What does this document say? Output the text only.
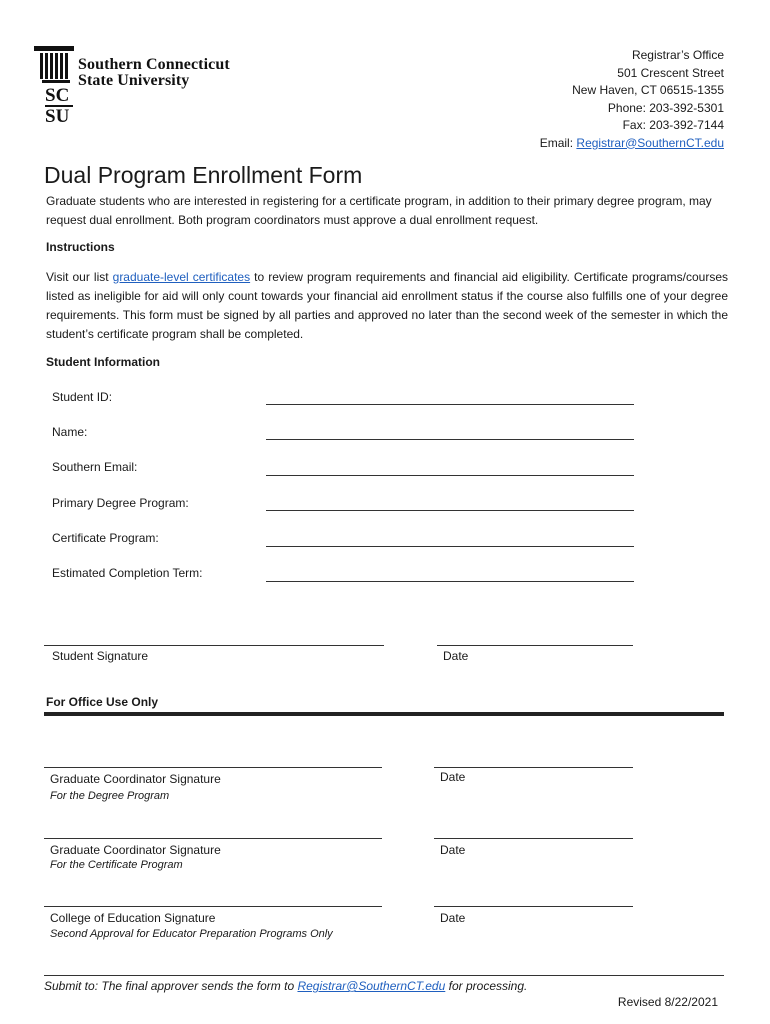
Southern Connecticut
State University
SC
SU
Registrar’s Office
501 Crescent Street
New Haven, CT 06515-1355
Phone: 203-392-5301
Fax: 203-392-7144
Email: Registrar@SouthernCT.edu
Dual Program Enrollment Form
Graduate students who are interested in registering for a certificate program, in addition to their primary degree program, may request dual enrollment. Both program coordinators must approve a dual enrollment request.
Instructions
Visit our list graduate-level certificates to review program requirements and financial aid eligibility. Certificate programs/courses listed as ineligible for aid will only count towards your financial aid enrollment status if the course also fulfills one of your degree requirements. This form must be signed by all parties and approved no later than the second week of the semester in which the student’s certificate program shall be completed.
Student Information
Student ID:
Name:
Southern Email:
Primary Degree Program:
Certificate Program:
Estimated Completion Term:
Student Signature	Date
For Office Use Only
Graduate Coordinator Signature
For the Degree Program
Date
Graduate Coordinator Signature
For the Certificate Program
Date
College of Education Signature
Second Approval for Educator Preparation Programs Only
Date
Submit to: The final approver sends the form to Registrar@SouthernCT.edu for processing.
Revised 8/22/2021
